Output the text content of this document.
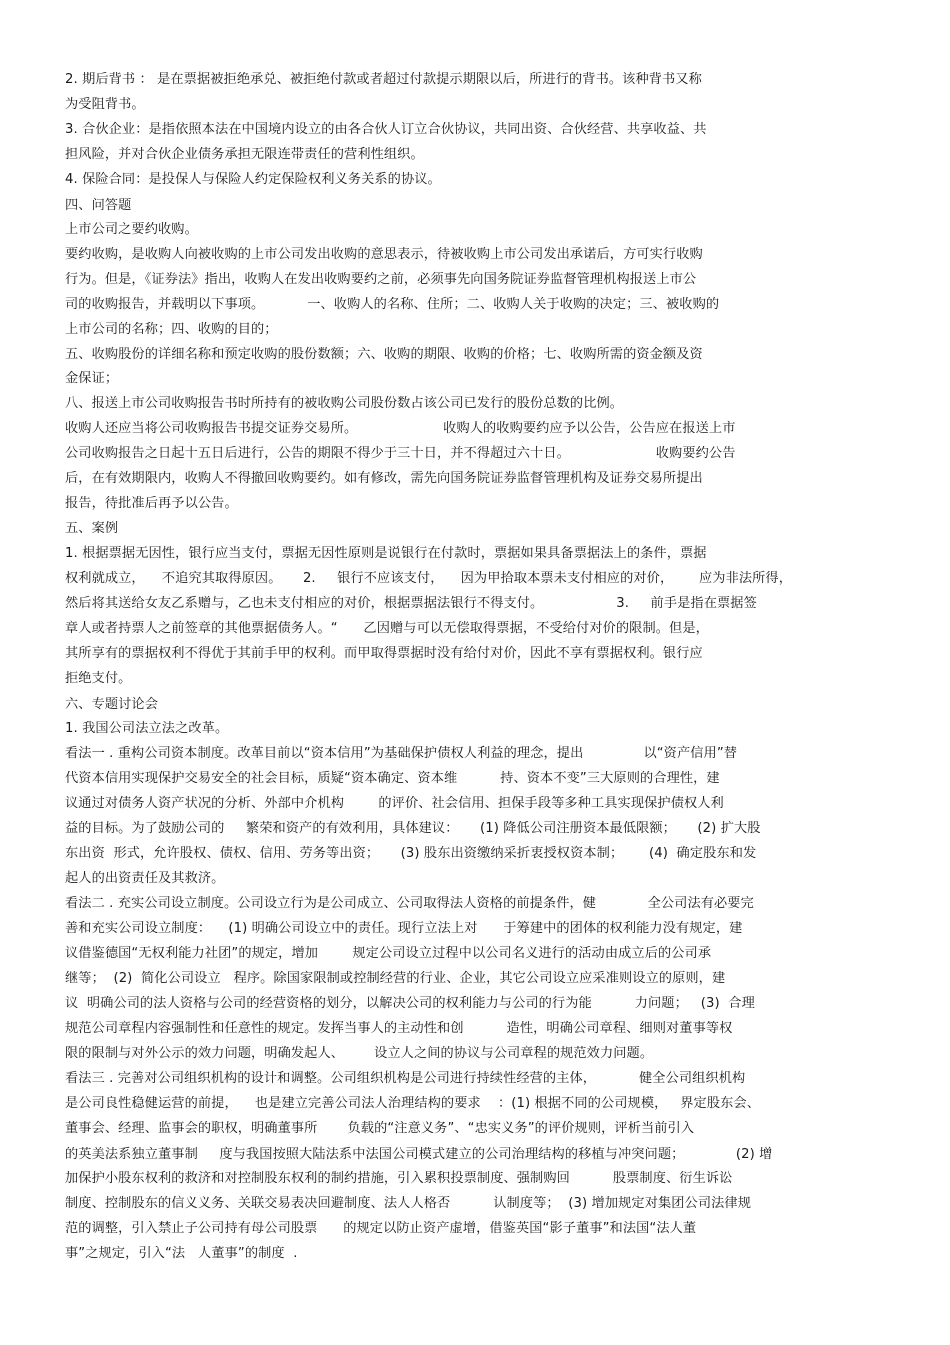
2. 期后背书 ： 是在票据被拒绝承兑、被拒绝付款或者超过付款提示期限以后，所进行的背书。该种背书又称
为受阻背书。
3. 合伙企业：是指依照本法在中国境内设立的由各合伙人订立合伙协议，共同出资、合伙经营、共享收益、共
担风险，并对合伙企业债务承担无限连带责任的营利性组织。
4. 保险合同：是投保人与保险人约定保险权利义务关系的协议。
四、问答题
上市公司之要约收购。
要约收购，是收购人向被收购的上市公司发出收购的意思表示，待被收购上市公司发出承诺后，方可实行收购
行为。但是，《证券法》指出，收购人在发出收购要约之前，必须事先向国务院证券监督管理机构报送上市公
司的收购报告，并载明以下事项。          一、收购人的名称、住所；二、收购人关于收购的决定；三、被收购的
上市公司的名称；四、收购的目的；
五、收购股份的详细名称和预定收购的股份数额；六、收购的期限、收购的价格；七、收购所需的资金额及资
金保证；
八、报送上市公司收购报告书时所持有的被收购公司股份数占该公司已发行的股份总数的比例。
收购人还应当将公司收购报告书提交证券交易所。                    收购人的收购要约应予以公告，公告应在报送上市
公司收购报告之日起十五日后进行，公告的期限不得少于三十日，并不得超过六十日。                    收购要约公告
后，在有效期限内，收购人不得撤回收购要约。如有修改，需先向国务院证券监督管理机构及证券交易所提出
报告，待批准后再予以公告。
五、案例
1. 根据票据无因性，银行应当支付，票据无因性原则是说银行在付款时，票据如果具备票据法上的条件，票据
权利就成立，    不追究其取得原因。     2.     银行不应该支付，    因为甲拾取本票未支付相应的对价，      应为非法所得，
然后将其送给女友乙系赠与，乙也未支付相应的对价，根据票据法银行不得支付。                 3.     前手是指在票据签
章人或者持票人之前签章的其他票据债务人。“      乙因赠与可以无偿取得票据，不受给付对价的限制。但是，
其所享有的票据权利不得优于其前手甲的权利。而甲取得票据时没有给付对价，因此不享有票据权利。银行应
拒绝支付。
六、专题讨论会
1. 我国公司法立法之改革。
看法一 . 重构公司资本制度。改革目前以“资本信用”为基础保护债权人利益的理念，提出              以“资产信用”替
代资本信用实现保护交易安全的社会目标，质疑“资本确定、资本维          持、资本不变”三大原则的合理性，建
议通过对债务人资产状况的分析、外部中介机构        的评价、社会信用、担保手段等多种工具实现保护债权人利
益的目标。为了鼓励公司的     繁荣和资产的有效利用，具体建议：     (1) 降低公司注册资本最低限额；     (2) 扩大股
东出资  形式，允许股权、债权、信用、劳务等出资；     (3) 股东出资缴纳采折衷授权资本制；      (4)  确定股东和发
起人的出资责任及其救济。
看法二 . 充实公司设立制度。公司设立行为是公司成立、公司取得法人资格的前提条件，健            全公司法有必要完
善和充实公司设立制度：    (1) 明确公司设立中的责任。现行立法上对      于筹建中的团体的权利能力没有规定，建
议借鉴德国“无权利能力社团”的规定，增加        规定公司设立过程中以公司名义进行的活动由成立后的公司承
继等；  (2)  简化公司设立   程序。除国家限制或控制经营的行业、企业，其它公司设立应采准则设立的原则，建
议  明确公司的法人资格与公司的经营资格的划分，以解决公司的权利能力与公司的行为能          力问题；   (3)  合理
规范公司章程内容强制性和任意性的规定。发挥当事人的主动性和创          造性，明确公司章程、细则对董事等权
限的限制与对外公示的效力问题，明确发起人、       设立人之间的协议与公司章程的规范效力问题。
看法三 . 完善对公司组织机构的设计和调整。公司组织机构是公司进行持续性经营的主体，          健全公司组织机构
是公司良性稳健运营的前提，    也是建立完善公司法人治理结构的要求    ：(1) 根据不同的公司规模，   界定股东会、
董事会、经理、监事会的职权，明确董事所       负载的“注意义务”、“忠实义务”的评价规则，评析当前引入
的英美法系独立董事制     度与我国按照大陆法系中法国公司模式建立的公司治理结构的移植与冲突问题；            (2) 增
加保护小股东权利的救济和对控制股东权利的制约措施，引入累积投票制度、强制购回          股票制度、衍生诉讼
制度、控制股东的信义义务、关联交易表决回避制度、法人人格否          认制度等；  (3) 增加规定对集团公司法律规
范的调整，引入禁止子公司持有母公司股票      的规定以防止资产虚增，借鉴英国“影子董事”和法国“法人董
事”之规定，引入“法   人董事”的制度  .
